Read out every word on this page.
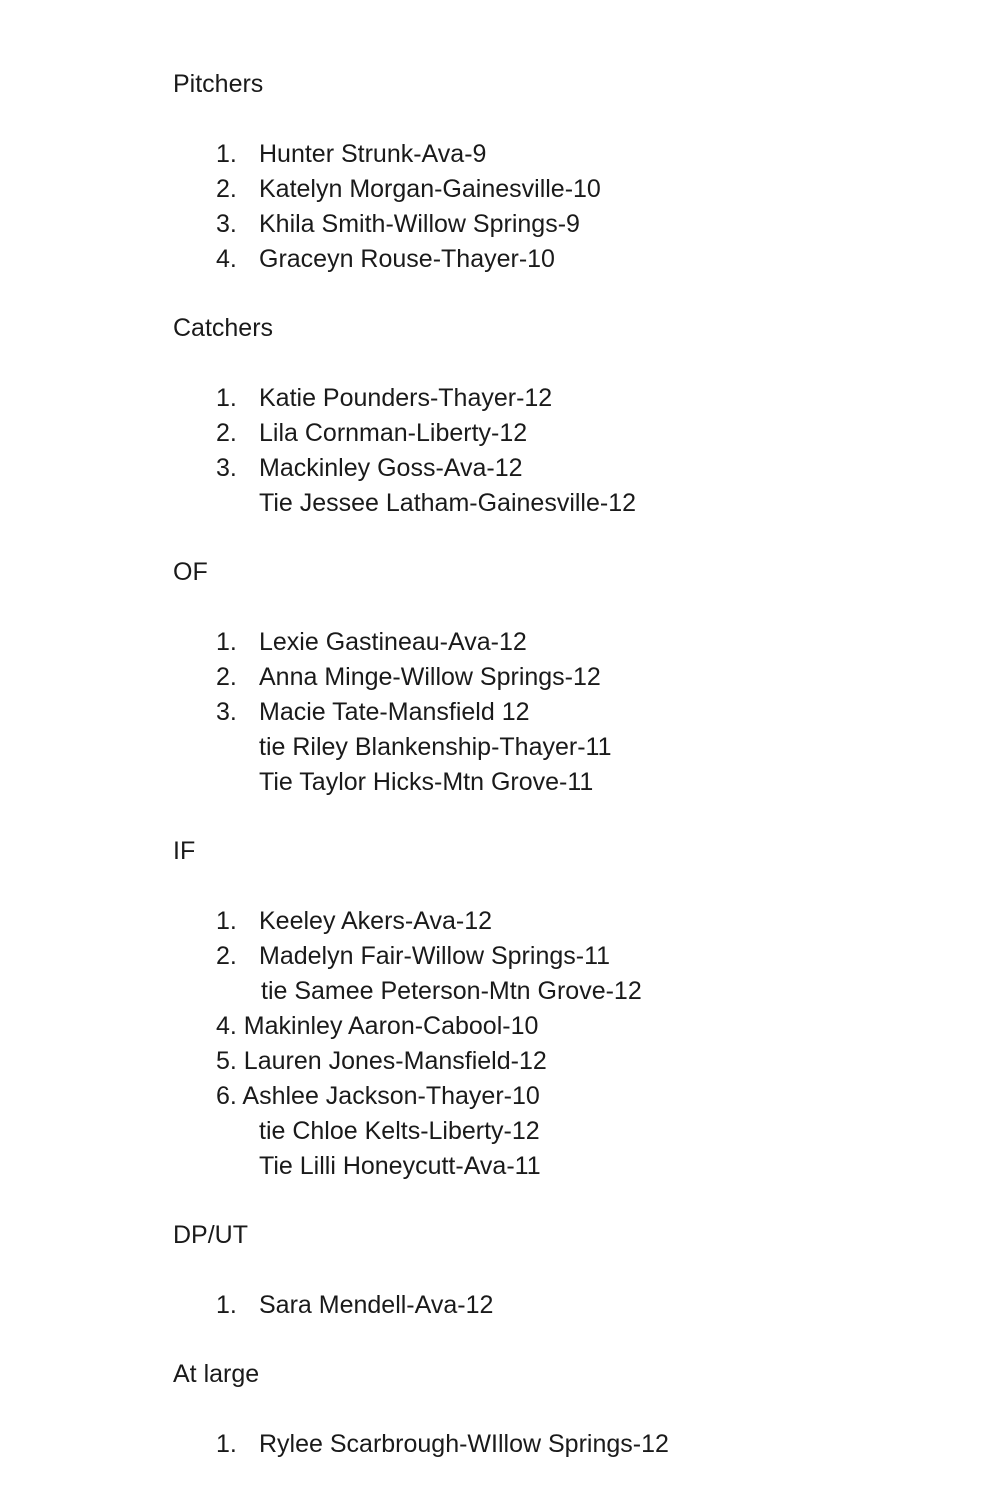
Pitchers
1. Hunter Strunk-Ava-9
2. Katelyn Morgan-Gainesville-10
3. Khila Smith-Willow Springs-9
4. Graceyn Rouse-Thayer-10
Catchers
1. Katie Pounders-Thayer-12
2. Lila Cornman-Liberty-12
3. Mackinley Goss-Ava-12
Tie Jessee Latham-Gainesville-12
OF
1. Lexie Gastineau-Ava-12
2. Anna Minge-Willow Springs-12
3. Macie Tate-Mansfield 12
tie Riley Blankenship-Thayer-11
Tie Taylor Hicks-Mtn Grove-11
IF
1. Keeley Akers-Ava-12
2. Madelyn Fair-Willow Springs-11
tie Samee Peterson-Mtn Grove-12
4. Makinley Aaron-Cabool-10
5. Lauren Jones-Mansfield-12
6. Ashlee Jackson-Thayer-10
tie Chloe Kelts-Liberty-12
Tie Lilli Honeycutt-Ava-11
DP/UT
1. Sara Mendell-Ava-12
At large
1. Rylee Scarbrough-WIllow Springs-12
